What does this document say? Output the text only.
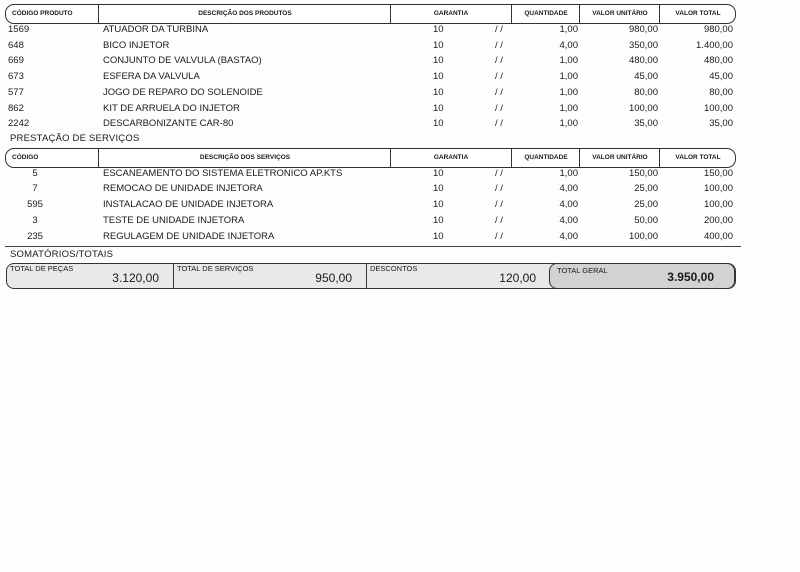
CÓDIGO PRODUTO	DESCRIÇÃO DOS PRODUTOS	GARANTIA	QUANTIDADE	VALOR UNITÁRIO	VALOR TOTAL
1569	ATUADOR DA TURBINA	10	/ /	1,00	980,00	980,00
648	BICO INJETOR	10	/ /	4,00	350,00	1.400,00
669	CONJUNTO DE VALVULA (BASTAO)	10	/ /	1,00	480,00	480,00
673	ESFERA DA VALVULA	10	/ /	1,00	45,00	45,00
577	JOGO DE REPARO DO SOLENOIDE	10	/ /	1,00	80,00	80,00
862	KIT DE ARRUELA DO INJETOR	10	/ /	1,00	100,00	100,00
2242	DESCARBONIZANTE CAR-80	10	/ /	1,00	35,00	35,00
PRESTAÇÃO DE SERVIÇOS
CÓDIGO	DESCRIÇÃO DOS SERVIÇOS	GARANTIA	QUANTIDADE	VALOR UNITÁRIO	VALOR TOTAL
5	ESCANEAMENTO DO SISTEMA ELETRONICO AP.KTS	10	/ /	1,00	150,00	150,00
7	REMOCAO DE UNIDADE INJETORA	10	/ /	4,00	25,00	100,00
595	INSTALACAO DE UNIDADE INJETORA	10	/ /	4,00	25,00	100,00
3	TESTE DE UNIDADE INJETORA	10	/ /	4,00	50,00	200,00
235	REGULAGEM DE UNIDADE INJETORA	10	/ /	4,00	100,00	400,00
SOMATÓRIOS/TOTAIS
TOTAL DE PEÇAS
3.120,00
TOTAL DE SERVIÇOS
950,00
DESCONTOS
120,00
TOTAL GERAL	3.950,00
